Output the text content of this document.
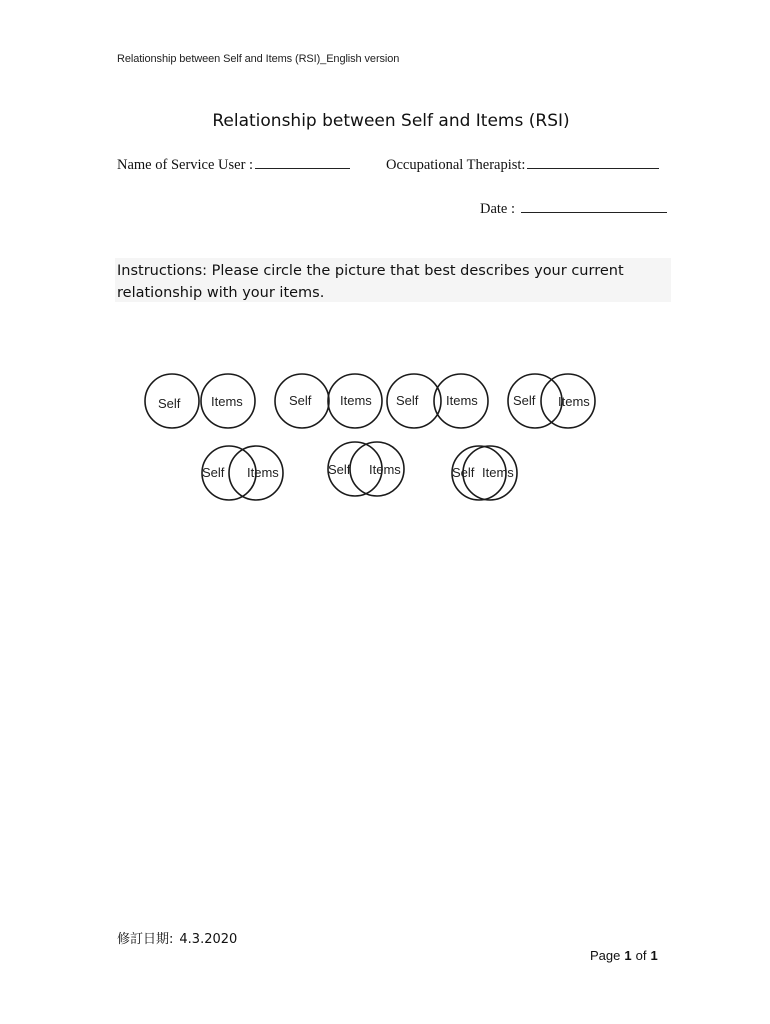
Relationship between Self and Items (RSI)_English version
Relationship between Self and Items (RSI)
Name of Service User :	Occupational Therapist:
Date :

Instructions: Please circle the picture that best describes your current relationship with your items.

Self Items	Self Items Self Items	Self Items
Self Items	Self Items	Self Items
修訂日期: 4.3.2020
Page 1 of 1
